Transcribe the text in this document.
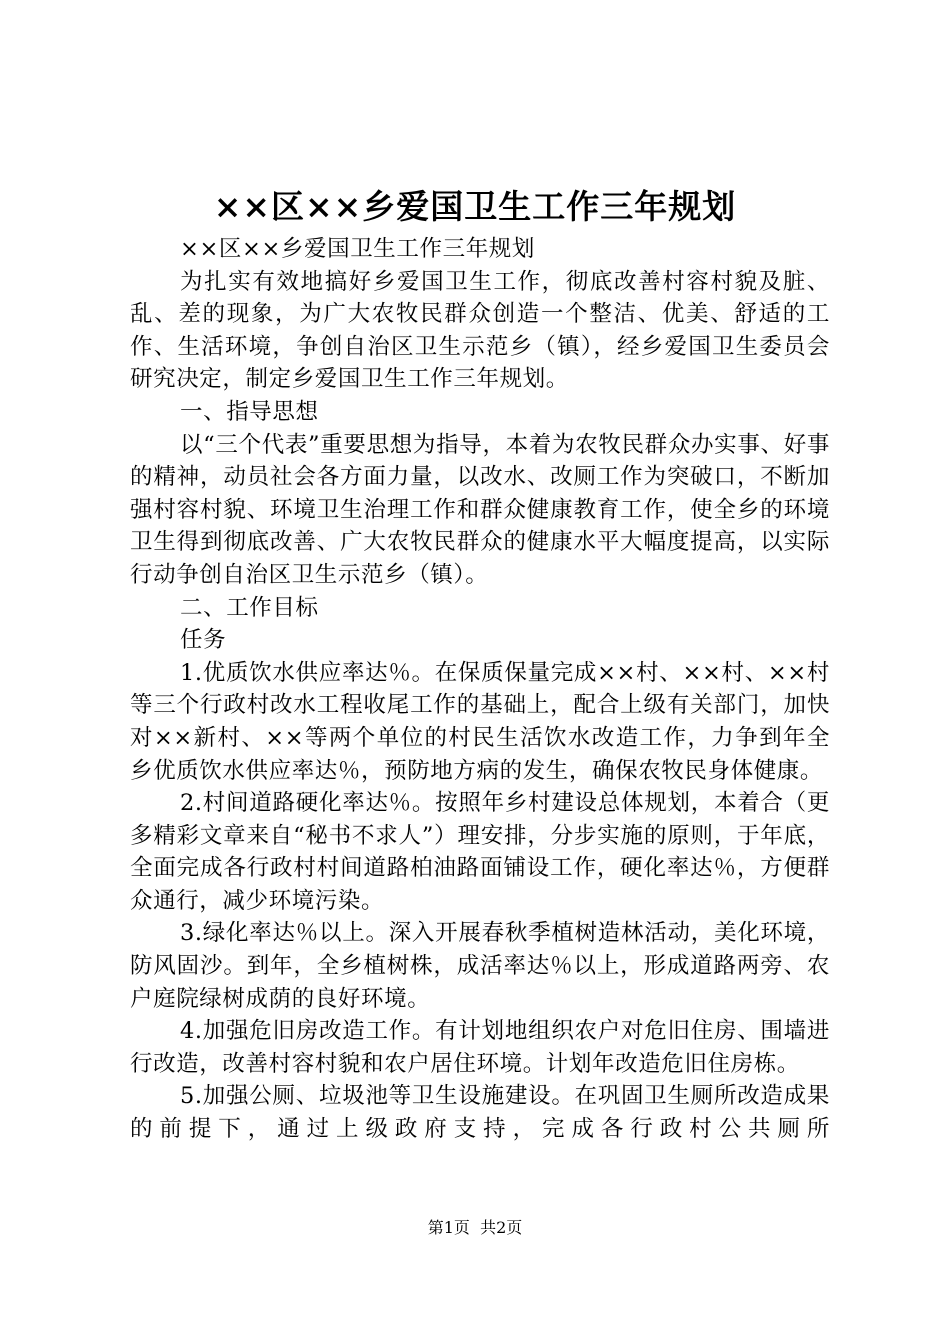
××区××乡爱国卫生工作三年规划

××区××乡爱国卫生工作三年规划

为扎实有效地搞好乡爱国卫生工作，彻底改善村容村貌及脏、乱、差的现象，为广大农牧民群众创造一个整洁、优美、舒适的工作、生活环境，争创自治区卫生示范乡（镇），经乡爱国卫生委员会研究决定，制定乡爱国卫生工作三年规划。

一、指导思想

以“三个代表”重要思想为指导，本着为农牧民群众办实事、好事的精神，动员社会各方面力量，以改水、改厕工作为突破口，不断加强村容村貌、环境卫生治理工作和群众健康教育工作，使全乡的环境卫生得到彻底改善、广大农牧民群众的健康水平大幅度提高，以实际行动争创自治区卫生示范乡（镇）。

二、工作目标

任务

1.优质饮水供应率达％。在保质保量完成××村、××村、××村等三个行政村改水工程收尾工作的基础上，配合上级有关部门，加快对××新村、××等两个单位的村民生活饮水改造工作，力争到年全乡优质饮水供应率达％，预防地方病的发生，确保农牧民身体健康。

2.村间道路硬化率达％。按照年乡村建设总体规划，本着合（更多精彩文章来自“秘书不求人”）理安排，分步实施的原则，于年底，全面完成各行政村村间道路柏油路面铺设工作，硬化率达％，方便群众通行，减少环境污染。

3.绿化率达％以上。深入开展春秋季植树造林活动，美化环境，防风固沙。到年，全乡植树株，成活率达％以上，形成道路两旁、农户庭院绿树成荫的良好环境。

4.加强危旧房改造工作。有计划地组织农户对危旧住房、围墙进行改造，改善村容村貌和农户居住环境。计划年改造危旧住房栋。

5.加强公厕、垃圾池等卫生设施建设。在巩固卫生厕所改造成果的前提下，通过上级政府支持，完成各行政村公共厕所

第1页  共2页
